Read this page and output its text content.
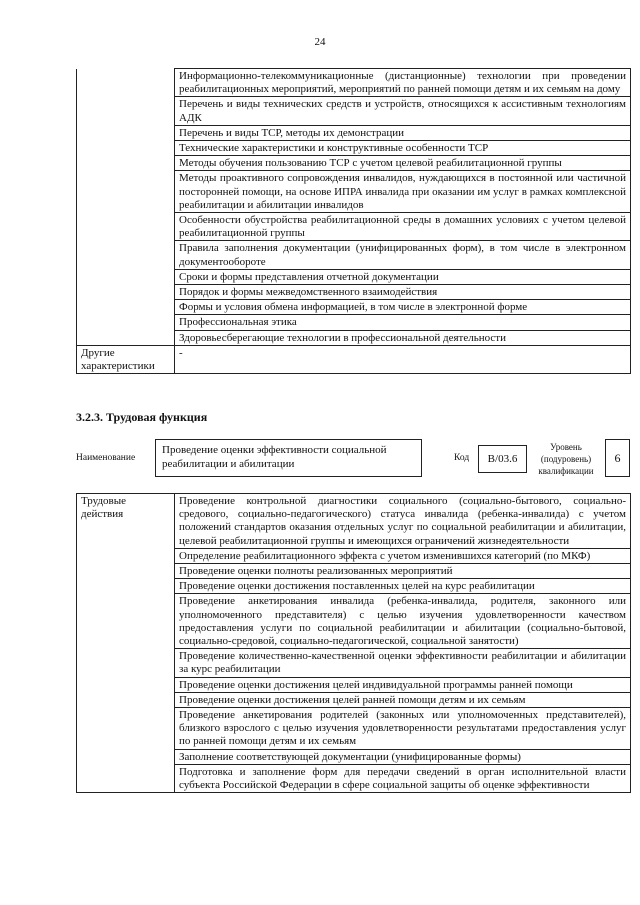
24
	Информационно-телекоммуникационные (дистанционные) технологии при проведении реабилитационных мероприятий, мероприятий по ранней помощи детям и их семьям на дому
	Перечень и виды технических средств и устройств, относящихся к ассистивным технологиям АДК
	Перечень и виды ТСР, методы их демонстрации
	Технические характеристики и конструктивные особенности ТСР
	Методы обучения пользованию ТСР с учетом целевой реабилитационной группы
	Методы проактивного сопровождения инвалидов, нуждающихся в постоянной или частичной посторонней помощи, на основе ИПРА инвалида при оказании им услуг в рамках комплексной реабилитации и абилитации инвалидов
	Особенности обустройства реабилитационной среды в домашних условиях с учетом целевой реабилитационной группы
	Правила заполнения документации (унифицированных форм), в том числе в электронном документообороте
	Сроки и формы представления отчетной документации
	Порядок и формы межведомственного взаимодействия
	Формы и условия обмена информацией, в том числе в электронной форме
	Профессиональная этика
	Здоровьесберегающие технологии в профессиональной деятельности
Другие характеристики	-
3.2.3. Трудовая функция
Наименование
Проведение оценки эффективности социальной реабилитации и абилитации	Код	B/03.6
Уровень (подуровень) квалификации
6
Трудовые действия	Проведение контрольной диагностики социального (социально-бытового, социально-средового, социально-педагогического) статуса инвалида (ребенка-инвалида) с учетом положений стандартов оказания отдельных услуг по социальной реабилитации и абилитации, целевой реабилитационной группы и имеющихся ограничений жизнедеятельности
Определение реабилитационного эффекта с учетом изменившихся категорий (по МКФ)
Проведение оценки полноты реализованных мероприятий
Проведение оценки достижения поставленных целей на курс реабилитации
Проведение анкетирования инвалида (ребенка-инвалида, родителя, законного или уполномоченного представителя) с целью изучения удовлетворенности качеством предоставления услуги по социальной реабилитации и абилитации (социально-бытовой, социально-средовой, социально-педагогической, социальной занятости)
Проведение количественно-качественной оценки эффективности реабилитации и абилитации за курс реабилитации
Проведение оценки достижения целей индивидуальной программы ранней помощи
Проведение оценки достижения целей ранней помощи детям и их семьям
Проведение анкетирования родителей (законных или уполномоченных представителей), близкого взрослого с целью изучения удовлетворенности результатами предоставления услуг по ранней помощи детям и их семьям
Заполнение соответствующей документации (унифицированные формы)
Подготовка и заполнение форм для передачи сведений в орган исполнительной власти субъекта Российской Федерации в сфере социальной защиты об оценке эффективности
